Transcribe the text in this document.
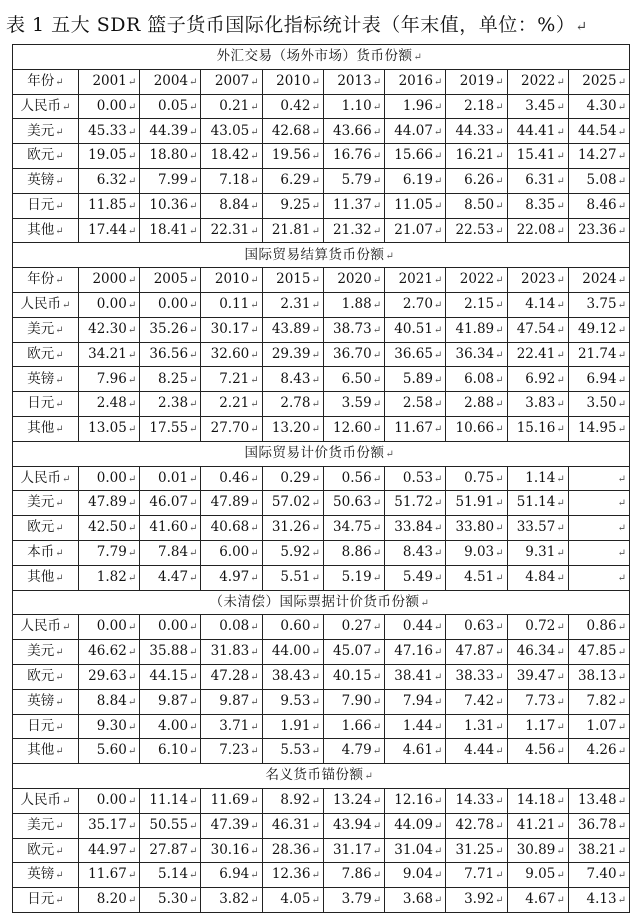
表 1 五大 SDR 篮子货币国际化指标统计表（年末值，单位：%）↵
外汇交易（场外市场）货币份额↵									
年份↵	2001↵	2004↵	2007↵	2010↵	2013↵	2016↵	2019↵	2022↵	2025↵
人民币↵	0.00↵	0.05↵	0.21↵	0.42↵	1.10↵	1.96↵	2.18↵	3.45↵	4.30↵
美元↵	45.33↵	44.39↵	43.05↵	42.68↵	43.66↵	44.07↵	44.33↵	44.41↵	44.54↵
欧元↵	19.05↵	18.80↵	18.42↵	19.56↵	16.76↵	15.66↵	16.21↵	15.41↵	14.27↵
英镑↵	6.32↵	7.99↵	7.18↵	6.29↵	5.79↵	6.19↵	6.26↵	6.31↵	5.08↵
日元↵	11.85↵	10.36↵	8.84↵	9.25↵	11.37↵	11.05↵	8.50↵	8.35↵	8.46↵
其他↵	17.44↵	18.41↵	22.31↵	21.81↵	21.32↵	21.07↵	22.53↵	22.08↵	23.36↵
国际贸易结算货币份额↵									
年份↵	2000↵	2005↵	2010↵	2015↵	2020↵	2021↵	2022↵	2023↵	2024↵
人民币↵	0.00↵	0.00↵	0.11↵	2.31↵	1.88↵	2.70↵	2.15↵	4.14↵	3.75↵
美元↵	42.30↵	35.26↵	30.17↵	43.89↵	38.73↵	40.51↵	41.89↵	47.54↵	49.12↵
欧元↵	34.21↵	36.56↵	32.60↵	29.39↵	36.70↵	36.65↵	36.34↵	22.41↵	21.74↵
英镑↵	7.96↵	8.25↵	7.21↵	8.43↵	6.50↵	5.89↵	6.08↵	6.92↵	6.94↵
日元↵	2.48↵	2.38↵	2.21↵	2.78↵	3.59↵	2.58↵	2.88↵	3.83↵	3.50↵
其他↵	13.05↵	17.55↵	27.70↵	13.20↵	12.60↵	11.67↵	10.66↵	15.16↵	14.95↵
国际贸易计价货币份额↵									
人民币↵	0.00↵	0.01↵	0.46↵	0.29↵	0.56↵	0.53↵	0.75↵	1.14↵	↵
美元↵	47.89↵	46.07↵	47.89↵	57.02↵	50.63↵	51.72↵	51.91↵	51.14↵	↵
欧元↵	42.50↵	41.60↵	40.68↵	31.26↵	34.75↵	33.84↵	33.80↵	33.57↵	↵
本币↵	7.79↵	7.84↵	6.00↵	5.92↵	8.86↵	8.43↵	9.03↵	9.31↵	↵
其他↵	1.82↵	4.47↵	4.97↵	5.51↵	5.19↵	5.49↵	4.51↵	4.84↵	↵
（未清偿）国际票据计价货币份额↵									
人民币↵	0.00↵	0.00↵	0.08↵	0.60↵	0.27↵	0.44↵	0.63↵	0.72↵	0.86↵
美元↵	46.62↵	35.88↵	31.83↵	44.00↵	45.07↵	47.16↵	47.87↵	46.34↵	47.85↵
欧元↵	29.63↵	44.15↵	47.28↵	38.43↵	40.15↵	38.41↵	38.33↵	39.47↵	38.13↵
英镑↵	8.84↵	9.87↵	9.87↵	9.53↵	7.90↵	7.94↵	7.42↵	7.73↵	7.82↵
日元↵	9.30↵	4.00↵	3.71↵	1.91↵	1.66↵	1.44↵	1.31↵	1.17↵	1.07↵
其他↵	5.60↵	6.10↵	7.23↵	5.53↵	4.79↵	4.61↵	4.44↵	4.56↵	4.26↵
名义货币锚份额↵									
人民币↵	0.00↵	11.14↵	11.69↵	8.92↵	13.24↵	12.16↵	14.33↵	14.18↵	13.48↵
美元↵	35.17↵	50.55↵	47.39↵	46.31↵	43.94↵	44.09↵	42.78↵	41.21↵	36.78↵
欧元↵	44.97↵	27.87↵	30.16↵	28.36↵	31.17↵	31.04↵	31.25↵	30.89↵	38.21↵
英镑↵	11.67↵	5.14↵	6.94↵	12.36↵	7.86↵	9.04↵	7.71↵	9.05↵	7.40↵
日元↵	8.20↵	5.30↵	3.82↵	4.05↵	3.79↵	3.68↵	3.92↵	4.67↵	4.13↵
